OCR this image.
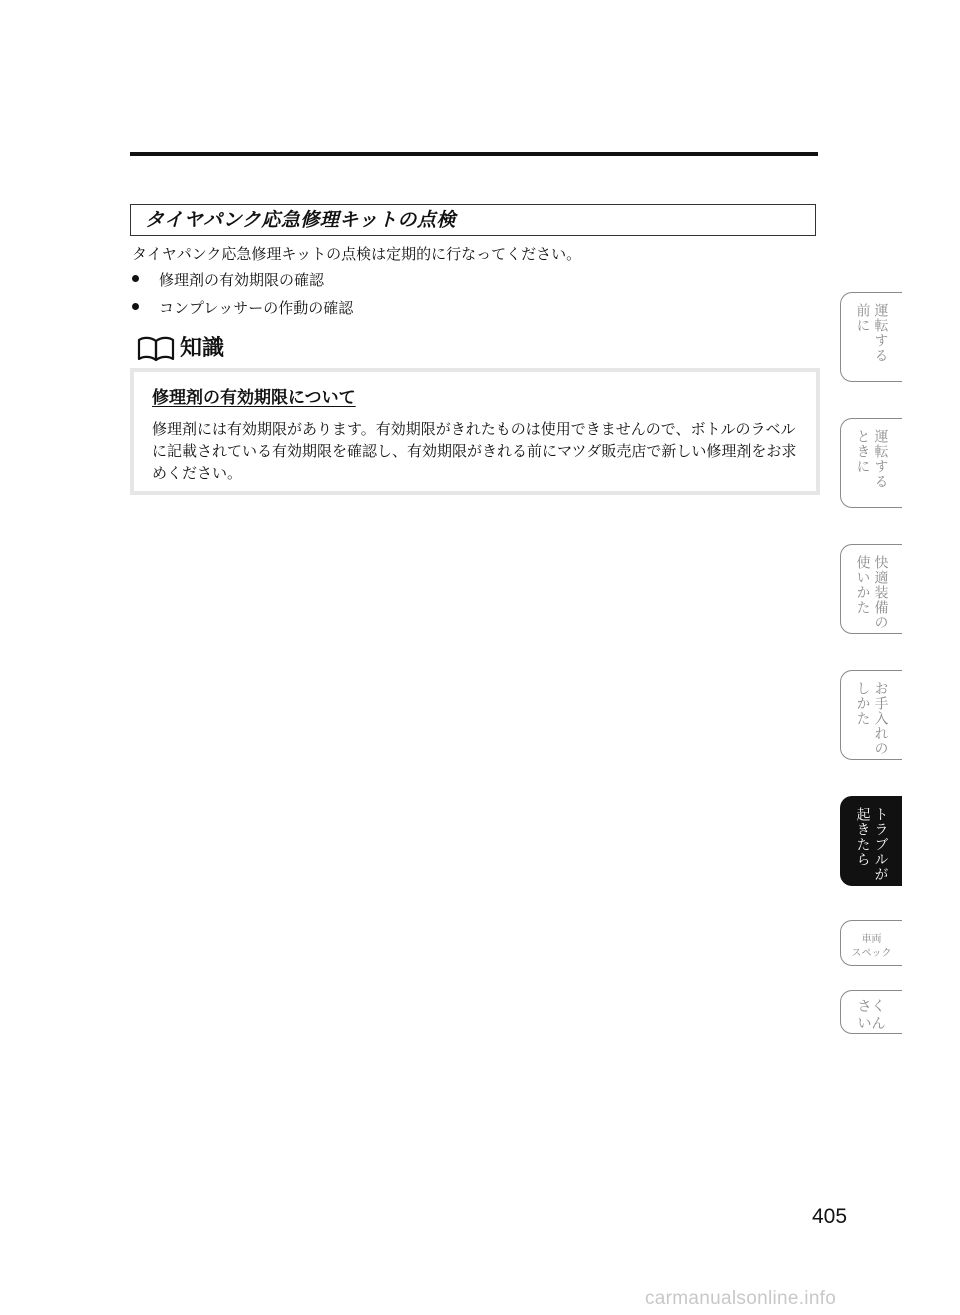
タイヤパンク応急修理キットの点検
タイヤパンク応急修理キットの点検は定期的に行なってください。
修理剤の有効期限の確認
コンプレッサーの作動の確認
知識
修理剤の有効期限について
修理剤には有効期限があります。有効期限がきれたものは使用できませんので、ボトルのラベルに記載されている有効期限を確認し、有効期限がきれる前にマツダ販売店で新しい修理剤をお求めください。
運転する
前に
運転する
ときに
快適装備の
使いかた
お手入れの
しかた
トラブルが
起きたら
車両
スペック
さく
いん
405
carmanualsonline.info
